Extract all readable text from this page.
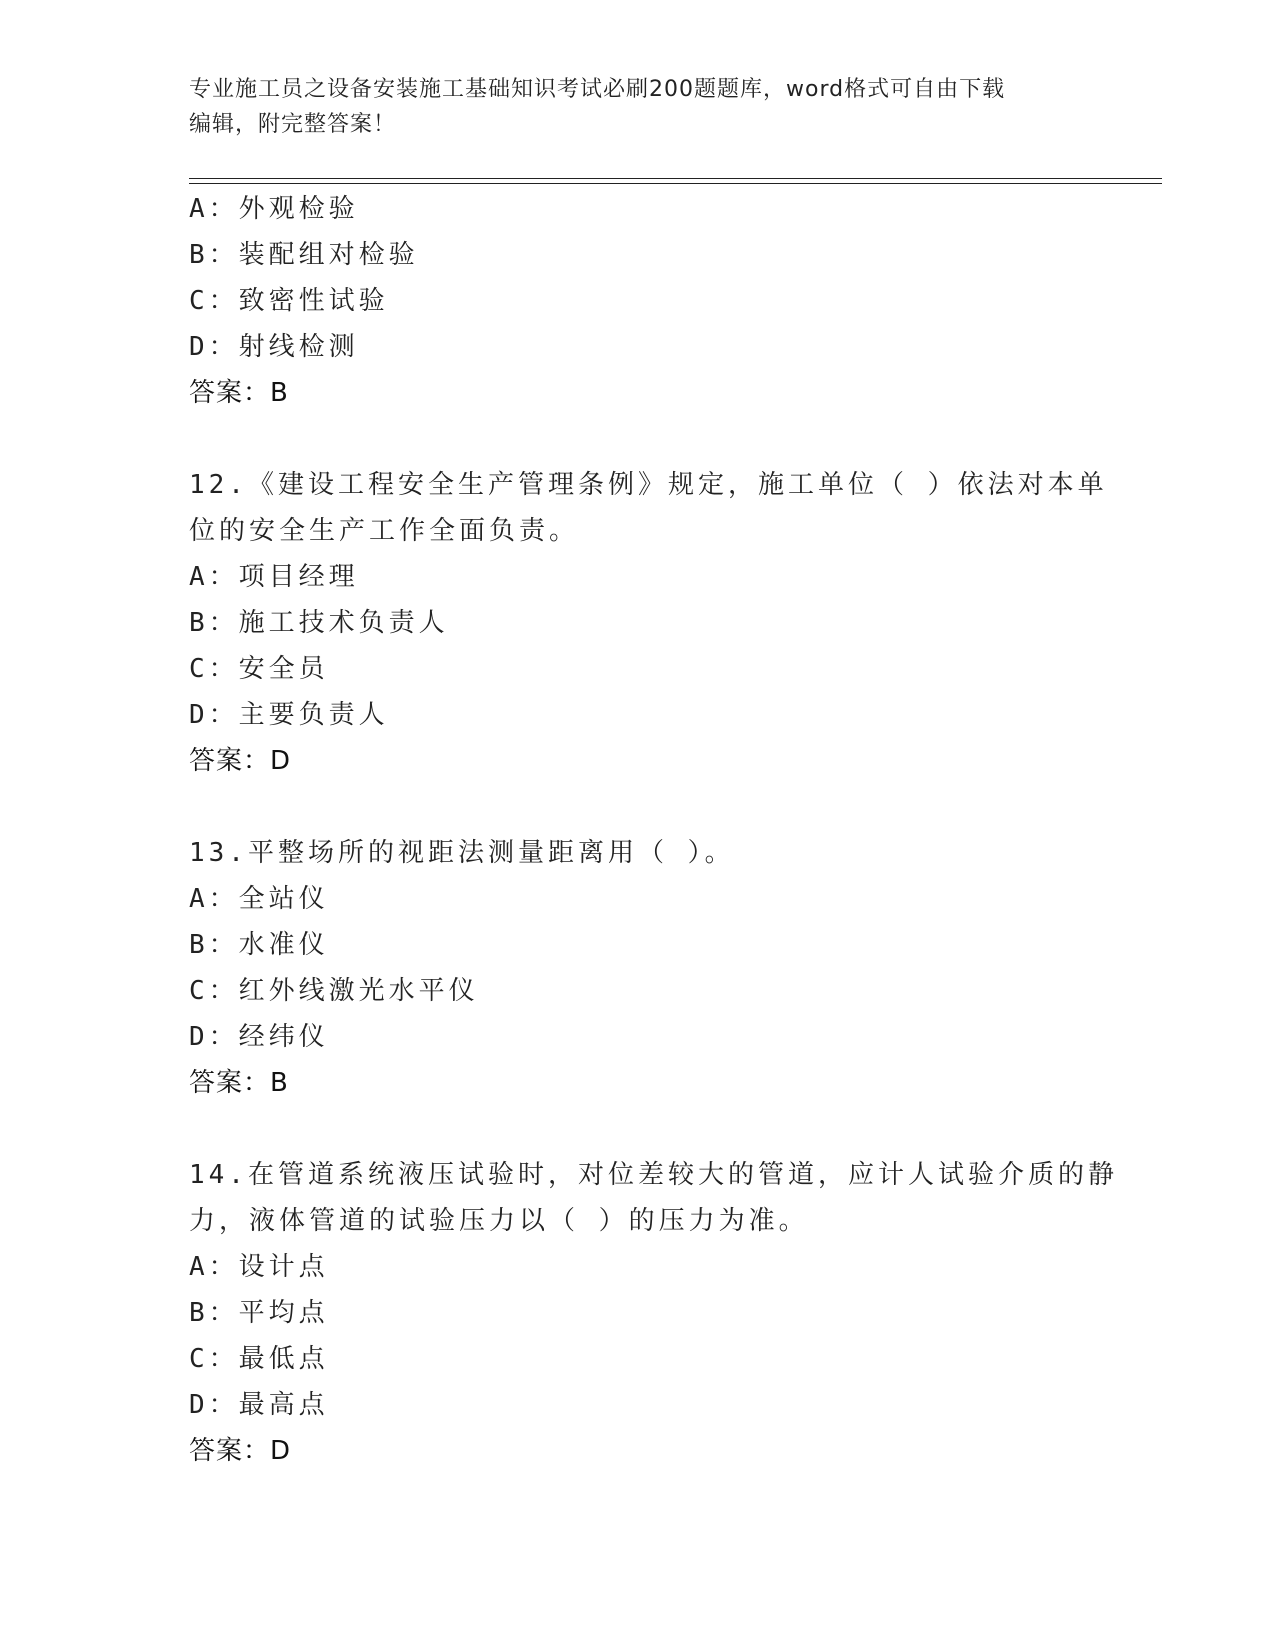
专业施工员之设备安装施工基础知识考试必刷200题题库，word格式可自由下载
编辑，附完整答案！
A：外观检验
B：装配组对检验
C：致密性试验
D：射线检测
答案：B
12.《建设工程安全生产管理条例》规定，施工单位（ ）依法对本单
位的安全生产工作全面负责。
A：项目经理
B：施工技术负责人
C：安全员
D：主要负责人
答案：D
13.平整场所的视距法测量距离用（ ）。
A：全站仪
B：水准仪
C：红外线激光水平仪
D：经纬仪
答案：B
14.在管道系统液压试验时，对位差较大的管道，应计人试验介质的静
力，液体管道的试验压力以（ ）的压力为准。
A：设计点
B：平均点
C：最低点
D：最高点
答案：D
